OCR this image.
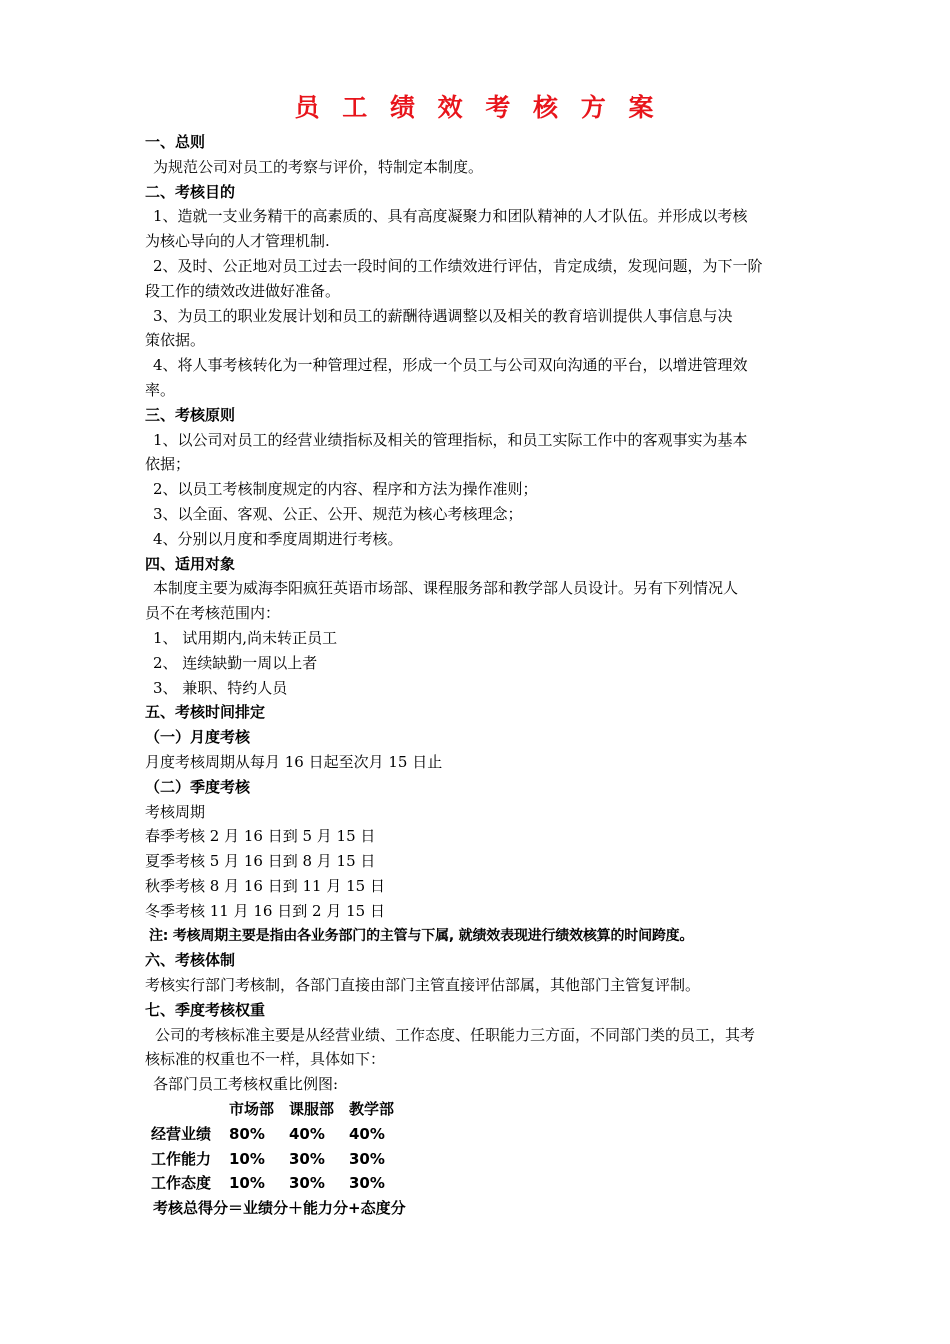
员 工 绩 效 考 核 方 案
一、总则
为规范公司对员工的考察与评价，特制定本制度。
二、考核目的
1、造就一支业务精干的高素质的、具有高度凝聚力和团队精神的人才队伍。并形成以考核
为核心导向的人才管理机制.
2、及时、公正地对员工过去一段时间的工作绩效进行评估，肯定成绩，发现问题，为下一阶
段工作的绩效改进做好准备。
3、为员工的职业发展计划和员工的薪酬待遇调整以及相关的教育培训提供人事信息与决
策依据。
4、将人事考核转化为一种管理过程，形成一个员工与公司双向沟通的平台，以增进管理效
率。
三、考核原则
1、以公司对员工的经营业绩指标及相关的管理指标，和员工实际工作中的客观事实为基本
依据；
2、以员工考核制度规定的内容、程序和方法为操作准则；
3、以全面、客观、公正、公开、规范为核心考核理念；
4、分别以月度和季度周期进行考核。
四、适用对象
本制度主要为威海李阳疯狂英语市场部、课程服务部和教学部人员设计。另有下列情况人
员不在考核范围内：
1、 试用期内,尚未转正员工
2、 连续缺勤一周以上者
3、 兼职、特约人员
五、考核时间排定
（一）月度考核
月度考核周期从每月 16 日起至次月 15 日止
（二）季度考核
考核周期
春季考核 2 月 16 日到 5 月 15 日
夏季考核 5 月 16 日到 8 月 15 日
秋季考核 8 月 16 日到 11 月 15 日
冬季考核 11 月 16 日到 2 月 15 日
注: 考核周期主要是指由各业务部门的主管与下属, 就绩效表现进行绩效核算的时间跨度。
六、考核体制
考核实行部门考核制，各部门直接由部门主管直接评估部属，其他部门主管复评制。
七、季度考核权重
公司的考核标准主要是从经营业绩、工作态度、任职能力三方面，不同部门类的员工，其考
核标准的权重也不一样，具体如下：
各部门员工考核权重比例图:
	市场部	课服部	教学部
经营业绩	80%	40%	40%
工作能力	10%	30%	30%
工作态度	10%	30%	30%
考核总得分＝业绩分＋能力分+态度分
